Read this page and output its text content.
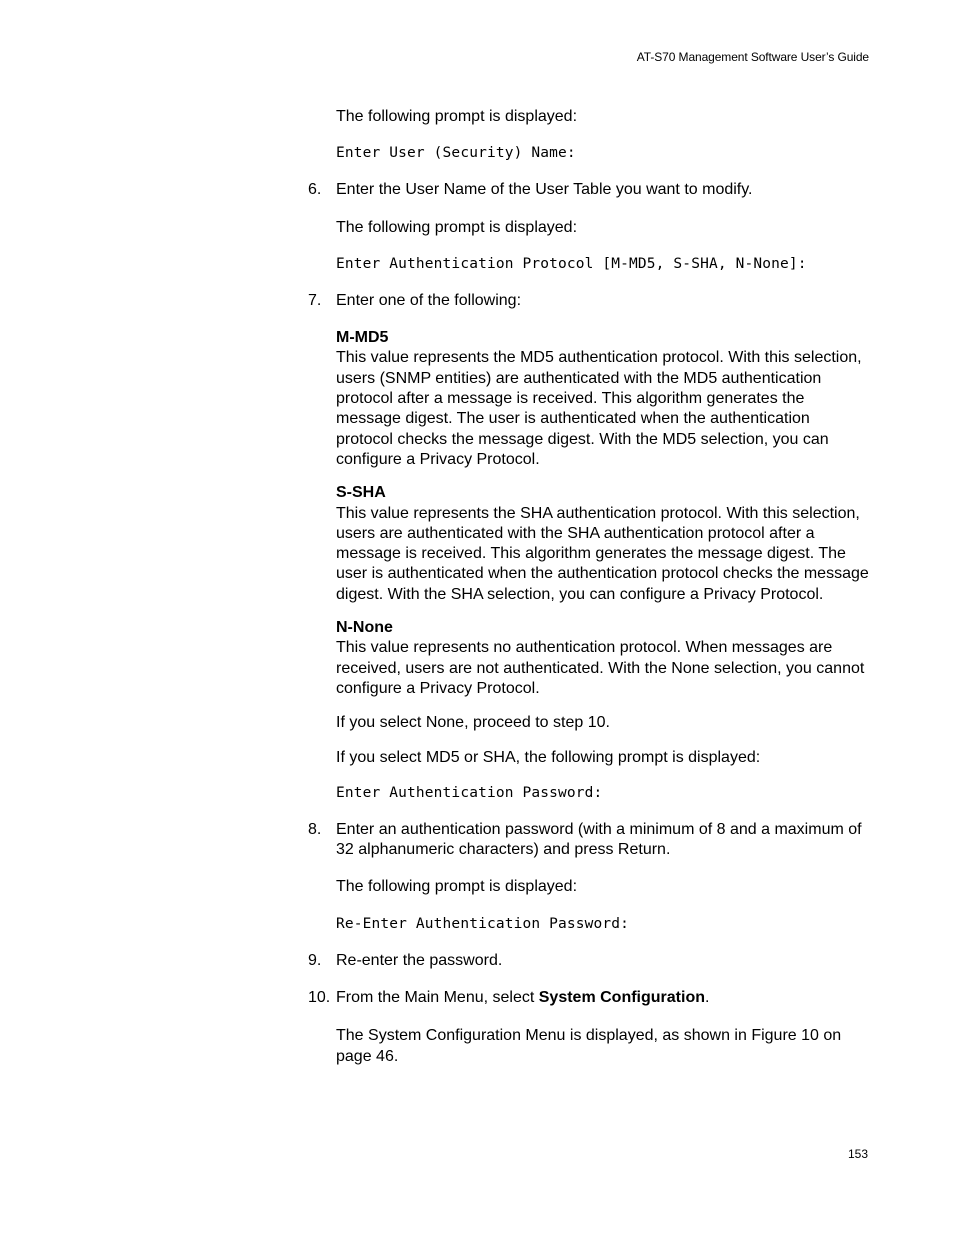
AT-S70 Management Software User’s Guide

The following prompt is displayed:

Enter User (Security) Name:
6. Enter the User Name of the User Table you want to modify.

The following prompt is displayed:

Enter Authentication Protocol [M-MD5, S-SHA, N-None]:
7. Enter one of the following:
M-MD5
This value represents the MD5 authentication protocol. With this selection, users (SNMP entities) are authenticated with the MD5 authentication protocol after a message is received. This algorithm generates the message digest. The user is authenticated when the authentication protocol checks the message digest. With the MD5 selection, you can configure a Privacy Protocol.
S-SHA
This value represents the SHA authentication protocol. With this selection, users are authenticated with the SHA authentication protocol after a message is received. This algorithm generates the message digest. The user is authenticated when the authentication protocol checks the message digest. With the SHA selection, you can configure a Privacy Protocol.
N-None
This value represents no authentication protocol. When messages are received, users are not authenticated. With the None selection, you cannot configure a Privacy Protocol.

If you select None, proceed to step 10.

If you select MD5 or SHA, the following prompt is displayed:

Enter Authentication Password:
8. Enter an authentication password (with a minimum of 8 and a maximum of 32 alphanumeric characters) and press Return.

The following prompt is displayed:

Re-Enter Authentication Password:
9. Re-enter the password.
10. From the Main Menu, select System Configuration.

The System Configuration Menu is displayed, as shown in Figure 10 on page 46.

153
